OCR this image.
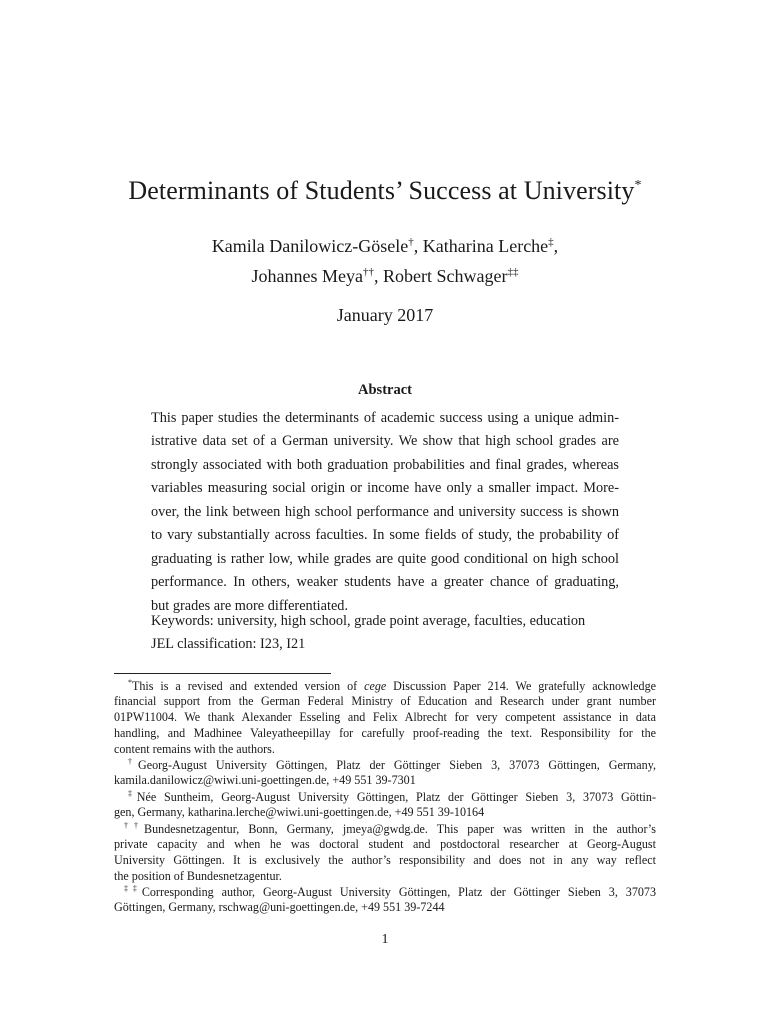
Determinants of Students’ Success at University*
Kamila Danilowicz-Gösele†, Katharina Lerche‡,
Johannes Meya††, Robert Schwager‡‡
January 2017
Abstract
This paper studies the determinants of academic success using a unique admin-
istrative data set of a German university. We show that high school grades are
strongly associated with both graduation probabilities and final grades, whereas
variables measuring social origin or income have only a smaller impact. More-
over, the link between high school performance and university success is shown
to vary substantially across faculties. In some fields of study, the probability of
graduating is rather low, while grades are quite good conditional on high school
performance. In others, weaker students have a greater chance of graduating,
but grades are more differentiated.
Keywords: university, high school, grade point average, faculties, education
JEL classification: I23, I21
*This is a revised and extended version of cege Discussion Paper 214. We gratefully acknowledge
financial support from the German Federal Ministry of Education and Research under grant number
01PW11004. We thank Alexander Esseling and Felix Albrecht for very competent assistance in data
handling, and Madhinee Valeyatheepillay for carefully proof-reading the text. Responsibility for the
content remains with the authors.
†Georg-August University Göttingen, Platz der Göttinger Sieben 3, 37073 Göttingen, Germany,
kamila.danilowicz@wiwi.uni-goettingen.de, +49 551 39-7301
‡Née Suntheim, Georg-August University Göttingen, Platz der Göttinger Sieben 3, 37073 Göttin-
gen, Germany, katharina.lerche@wiwi.uni-goettingen.de, +49 551 39-10164
††Bundesnetzagentur, Bonn, Germany, jmeya@gwdg.de. This paper was written in the author’s
private capacity and when he was doctoral student and postdoctoral researcher at Georg-August
University Göttingen. It is exclusively the author’s responsibility and does not in any way reflect
the position of Bundesnetzagentur.
‡‡Corresponding author, Georg-August University Göttingen, Platz der Göttinger Sieben 3, 37073
Göttingen, Germany, rschwag@uni-goettingen.de, +49 551 39-7244
1
